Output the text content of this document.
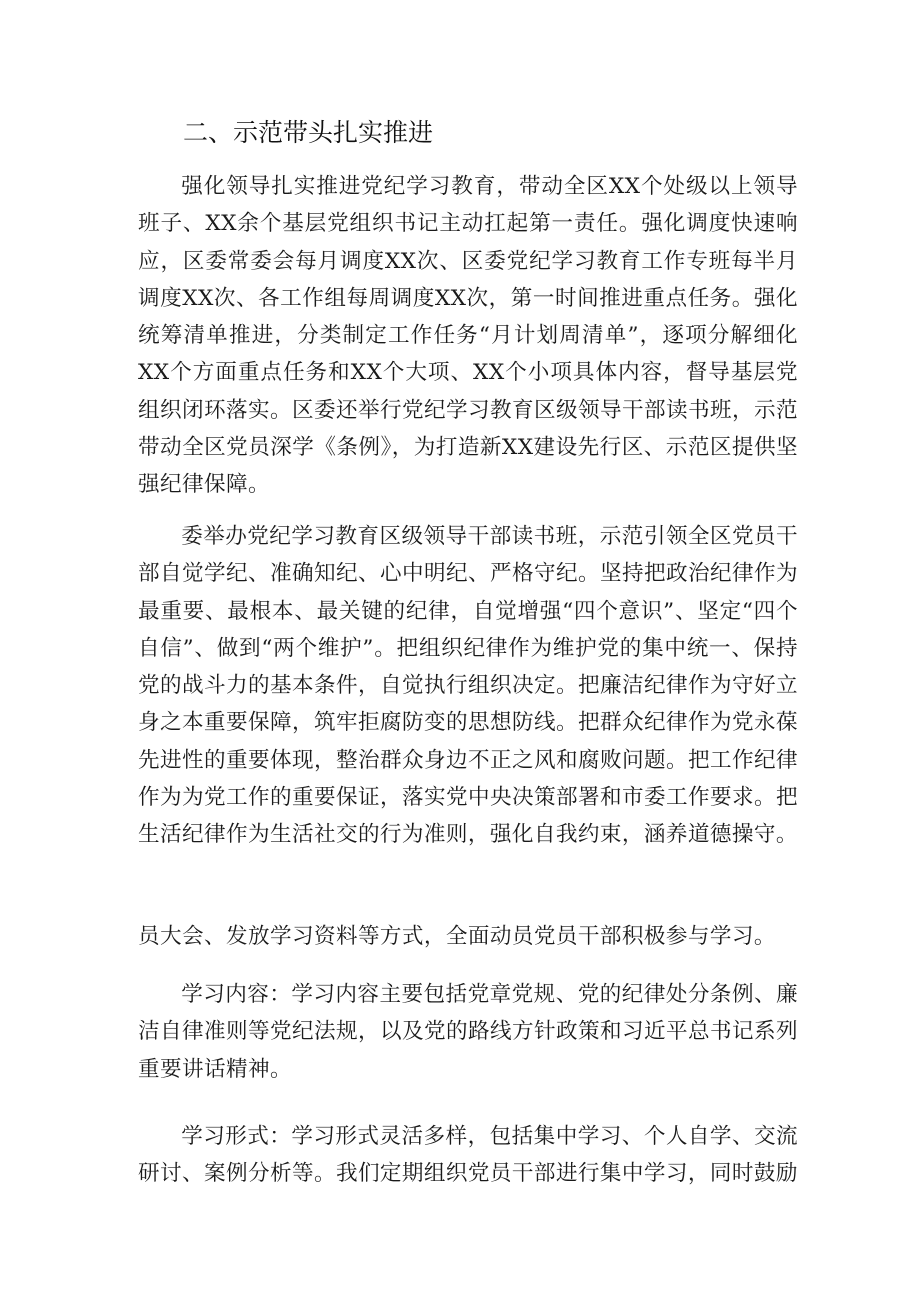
二、示范带头扎实推进

强化领导扎实推进党纪学习教育，带动全区XX个处级以上领导班子、XX余个基层党组织书记主动扛起第一责任。强化调度快速响应，区委常委会每月调度XX次、区委党纪学习教育工作专班每半月调度XX次、各工作组每周调度XX次，第一时间推进重点任务。强化统筹清单推进，分类制定工作任务“月计划周清单”，逐项分解细化XX个方面重点任务和XX个大项、XX个小项具体内容，督导基层党组织闭环落实。区委还举行党纪学习教育区级领导干部读书班，示范带动全区党员深学《条例》，为打造新XX建设先行区、示范区提供坚强纪律保障。

委举办党纪学习教育区级领导干部读书班，示范引领全区党员干部自觉学纪、准确知纪、心中明纪、严格守纪。坚持把政治纪律作为最重要、最根本、最关键的纪律，自觉增强“四个意识”、坚定“四个自信”、做到“两个维护”。把组织纪律作为维护党的集中统一、保持党的战斗力的基本条件，自觉执行组织决定。把廉洁纪律作为守好立身之本重要保障，筑牢拒腐防变的思想防线。把群众纪律作为党永葆先进性的重要体现，整治群众身边不正之风和腐败问题。把工作纪律作为为党工作的重要保证，落实党中央决策部署和市委工作要求。把生活纪律作为生活社交的行为准则，强化自我约束，涵养道德操守。

员大会、发放学习资料等方式，全面动员党员干部积极参与学习。

学习内容：学习内容主要包括党章党规、党的纪律处分条例、廉洁自律准则等党纪法规，以及党的路线方针政策和习近平总书记系列重要讲话精神。

学习形式：学习形式灵活多样，包括集中学习、个人自学、交流研讨、案例分析等。我们定期组织党员干部进行集中学习，同时鼓励
